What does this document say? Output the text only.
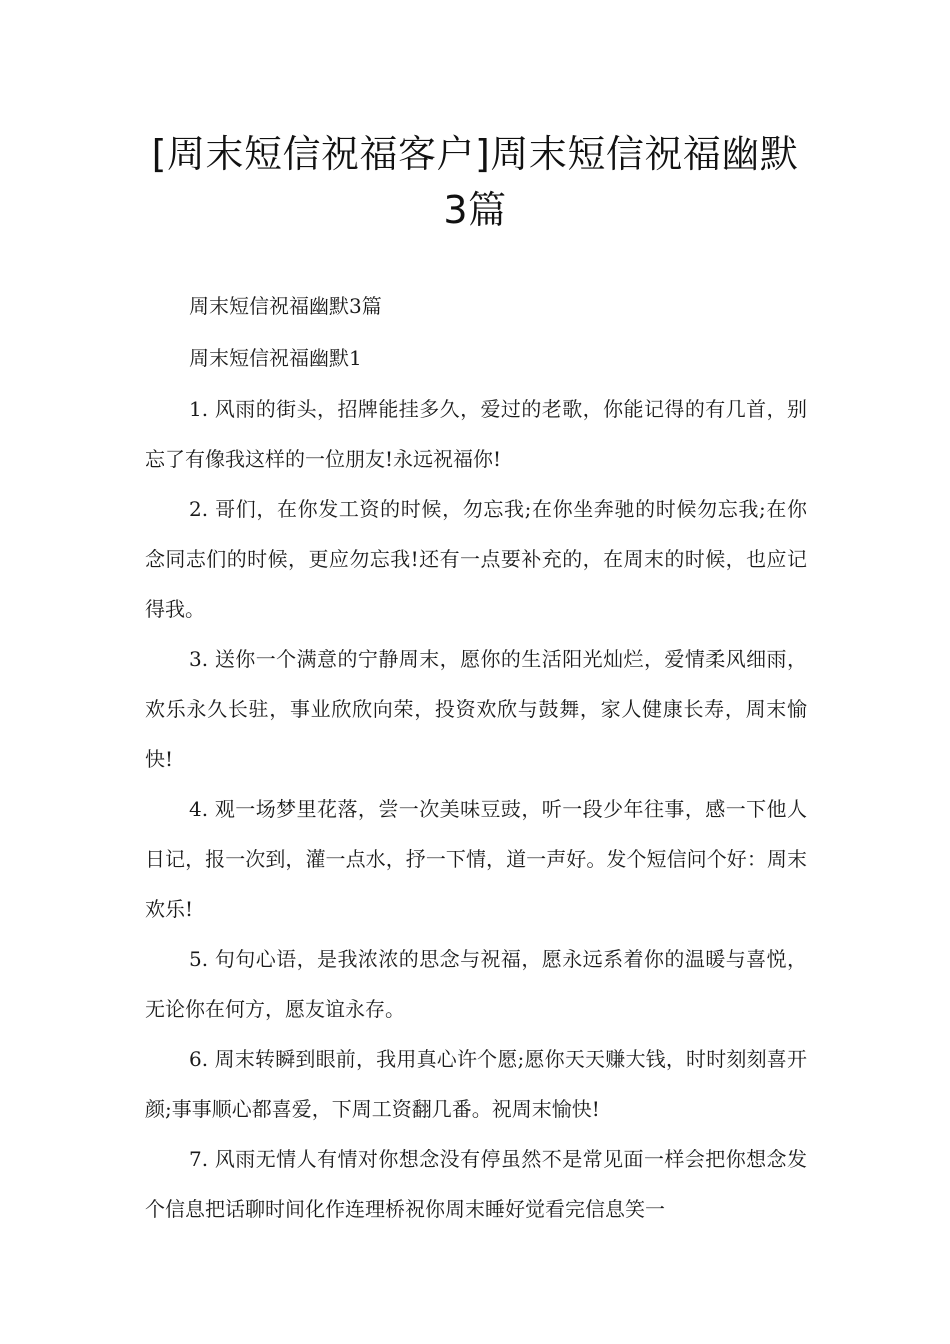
[周末短信祝福客户]周末短信祝福幽默
3篇

周末短信祝福幽默3篇

周末短信祝福幽默1

1. 风雨的街头，招牌能挂多久，爱过的老歌，你能记得的有几首，别忘了有像我这样的一位朋友!永远祝福你!

2. 哥们，在你发工资的时候，勿忘我;在你坐奔驰的时候勿忘我;在你念同志们的时候，更应勿忘我!还有一点要补充的，在周末的时候，也应记得我。

3. 送你一个满意的宁静周末，愿你的生活阳光灿烂，爱情柔风细雨，欢乐永久长驻，事业欣欣向荣，投资欢欣与鼓舞，家人健康长寿，周末愉快!

4. 观一场梦里花落，尝一次美味豆豉，听一段少年往事，感一下他人日记，报一次到，灌一点水，抒一下情，道一声好。发个短信问个好：周末欢乐!

5. 句句心语，是我浓浓的思念与祝福，愿永远系着你的温暖与喜悦，无论你在何方，愿友谊永存。

6. 周末转瞬到眼前，我用真心许个愿;愿你天天赚大钱，时时刻刻喜开颜;事事顺心都喜爱，下周工资翻几番。祝周末愉快!

7. 风雨无情人有情对你想念没有停虽然不是常见面一样会把你想念发个信息把话聊时间化作连理桥祝你周末睡好觉看完信息笑一
